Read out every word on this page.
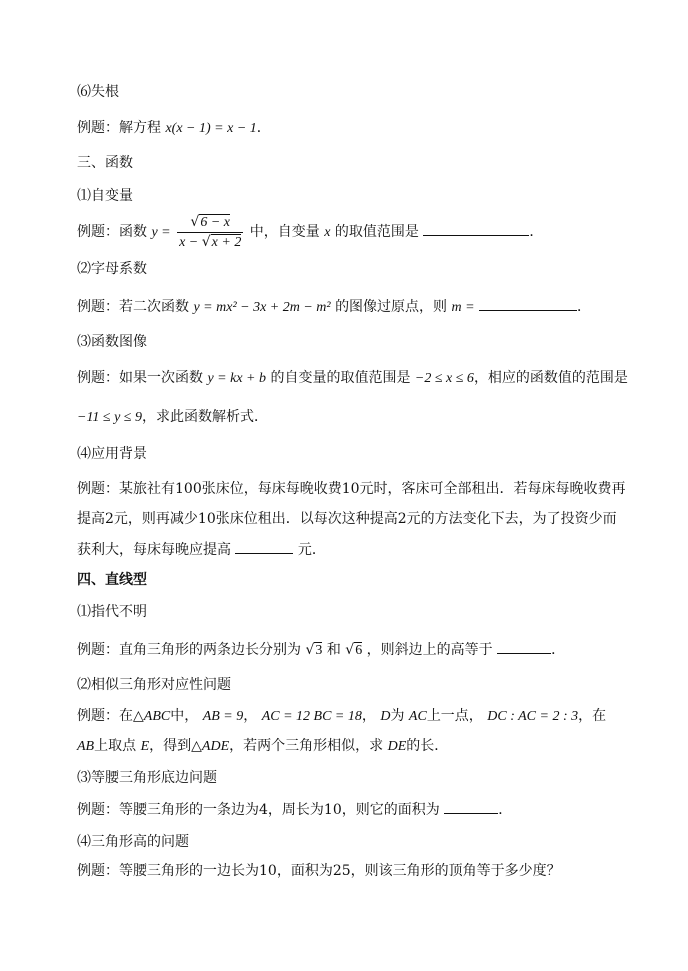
⑹失根
例题：解方程 x(x − 1) = x − 1．
三、函数
⑴自变量
例题：函数 $y = \frac{√6 - x}{x - √x + 2}$ 中，自变量 x 的取值范围是	．
⑵字母系数
例题：若二次函数 y = mx² − 3x + 2m − m² 的图像过原点，则 m =	．
⑶函数图像
例题：如果一次函数 y = kx + b 的自变量的取值范围是 −2 ≤ x ≤ 6，相应的函数值的范围是
−11 ≤ y ≤ 9，求此函数解析式．
⑷应用背景
例题：某旅社有100张床位，每床每晚收费10元时，客床可全部租出．若每床每晚收费再
提高2元，则再减少10张床位租出．以每次这种提高2元的方法变化下去，为了投资少而
获利大，每床每晚应提高	元．
四、直线型
⑴指代不明
例题：直角三角形的两条边长分别为 √3 和 √6 ，则斜边上的高等于	．
⑵相似三角形对应性问题
例题：在△ABC中， AB = 9， AC = 12 BC = 18， D为 AC上一点， DC : AC = 2 : 3，在
AB上取点 E，得到△ADE，若两个三角形相似，求 DE的长．
⑶等腰三角形底边问题
例题：等腰三角形的一条边为4，周长为10，则它的面积为	．
⑷三角形高的问题
例题：等腰三角形的一边长为10，面积为25，则该三角形的顶角等于多少度？
